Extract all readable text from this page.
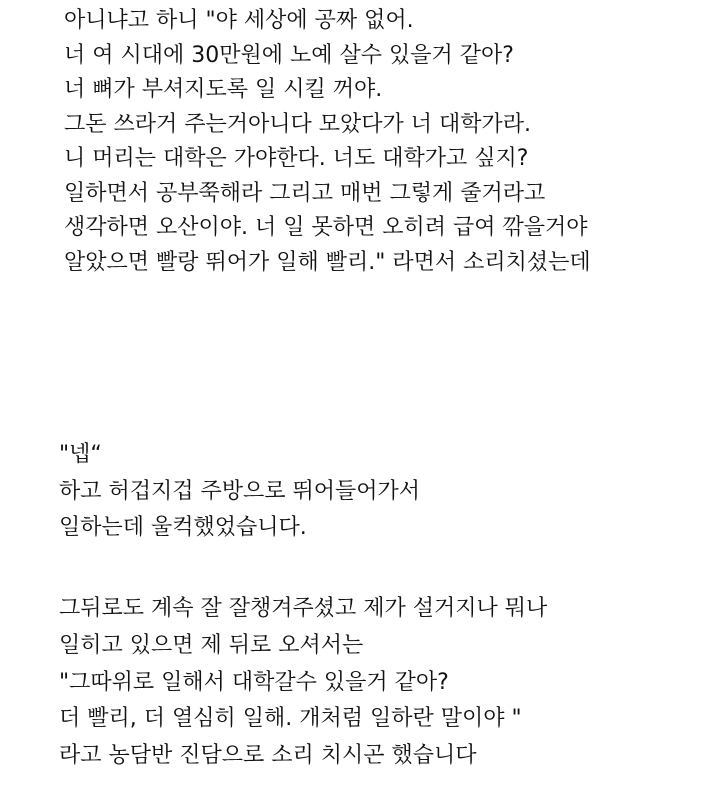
아니냐고 하니 "야 세상에 공짜 없어.
너 여 시대에 30만원에 노예 살수 있을거 같아?
너 뼈가 부셔지도록 일 시킬 꺼야.
그돈 쓰라거 주는거아니다 모았다가 너 대학가라.
니 머리는 대학은 가야한다. 너도 대학가고 싶지?
일하면서 공부쭉해라 그리고 매번 그렇게 줄거라고
생각하면 오산이야. 너 일 못하면 오히려 급여 깎을거야
알았으면 빨랑 뛰어가 일해 빨리." 라면서 소리치셨는데
"넵“
하고 허겁지겁 주방으로 뛰어들어가서
일하는데 울컥했었습니다.
그뒤로도 계속 잘 잘챙겨주셨고 제가 설거지나 뭐나
일히고 있으면 제 뒤로 오셔서는
"그따위로 일해서 대학갈수 있을거 같아?
더 빨리, 더 열심히 일해. 개처럼 일하란 말이야 "
라고 농담반 진담으로 소리 치시곤 했습니다
